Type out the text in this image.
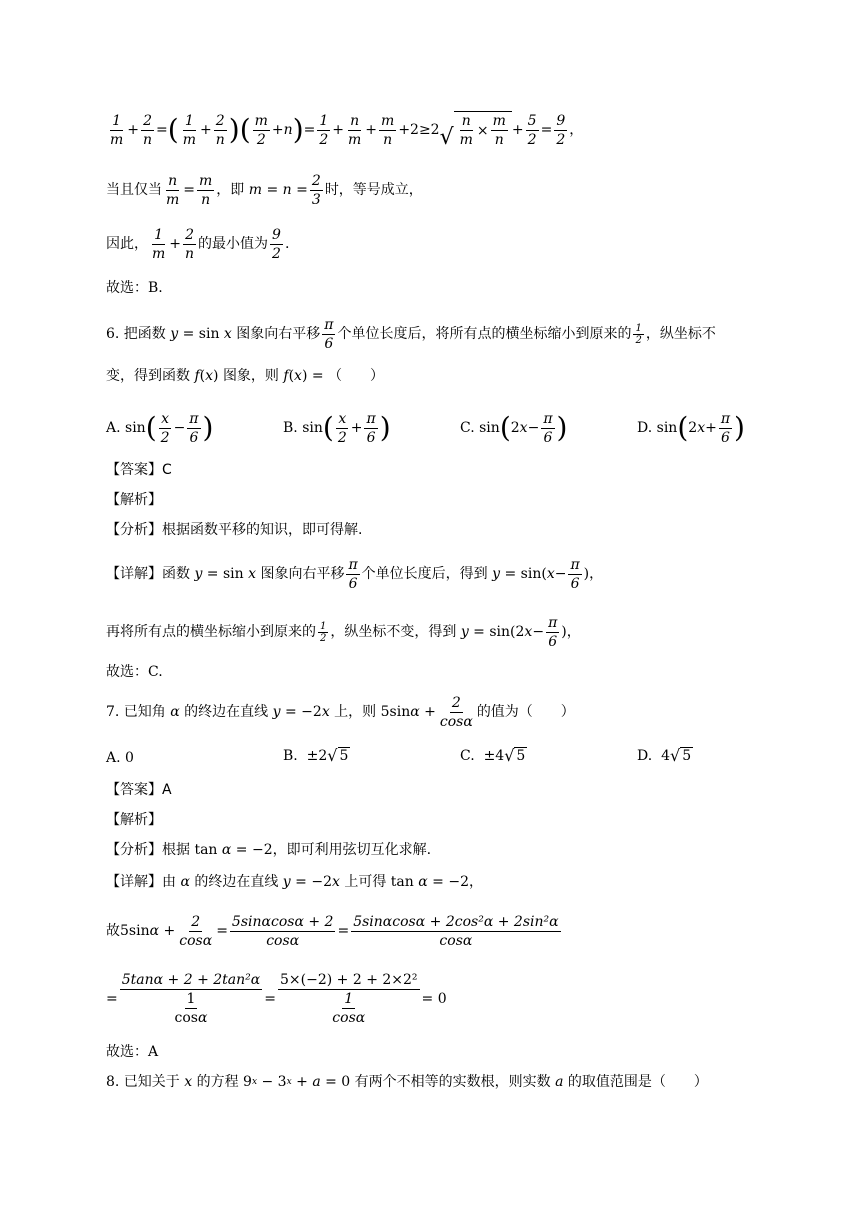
$\frac{1}{m} + \frac{2}{n}$ = ( $\frac{1}{m} + \frac{2}{n}$ ) ( $\frac{m}{2} + n$ ) = $\frac{1}{2} + \frac{n}{m} + \frac{m}{n} +2\ge 2$ √ $\frac{n}{m} \times \frac{m}{n} + \frac{5}{2} = \frac{9}{2}$ ，
当且仅当 $\frac{n}{m} = \frac{m}{n}$ ，即 $m = n = \frac{2}{3}$ 时，等号成立，
因此， $\frac{1}{m} + \frac{2}{n}$ 的最小值为 $\frac{9}{2}$ .
故选：B.
6. 把函数 y = sin x 图象向右平移 $\frac{\pi}{6}$ 个单位长度后，将所有点的横坐标缩小到原来的 $\frac{1}{2}$ ，纵坐标不
变，得到函数 f ( x ) 图象，则 f ( x ) = （　　）
A. sin ( $\frac{x}{2} - \frac{\pi}{6}$ )	B. sin ( $\frac{x}{2} + \frac{\pi}{6}$ )	C. sin ( 2 $x - \frac{\pi}{6}$ )	D. sin ( 2 $x + \frac{\pi}{6}$ )
【答案】C
【解析】
【分析】根据函数平移的知识，即可得解.
【详解】函数 y = sin x 图象向右平移 $\frac{\pi}{6}$ 个单位长度后，得到 y = sin( $x - \frac{\pi}{6}$ ) ，
再将所有点的横坐标缩小到原来的 $\frac{1}{2}$ ，纵坐标不变，得到 y = sin(2 $x - \frac{\pi}{6}$ ) ，
故选：C.
7. 已知角 α 的终边在直线 y = −2 x 上，则 5sin $\alpha + \frac{2}{\cos\alpha}$ 的值为（　　）
A. 0	B. ±2 √ 5	C. ±4 √ 5	D. 4 √ 5
【答案】A
【解析】
【分析】根据 tan α = −2 ，即可利用弦切互化求解.
【详解】由 α 的终边在直线 y = −2 x 上可得 tan α = −2 ，
故 5sin $\alpha + \frac{2}{\cos\alpha} = \frac{5\sin\alpha\cos\alpha + 2}{\cos\alpha} = \frac{\text{5sinαcosα + 2cos²α + 2sin²α}}{\cos\alpha}$
= $\frac{\text{5tanα + 2 + 2tan²α}}{\frac{1}{\cos\alpha}} = \frac{\text{5×(−2) + 2 + 2×2²}}{\frac{1}{\cos\alpha}} = 0$
故选：A
8. 已知关于 x 的方程 9 x − 3 x + a = 0 有两个不相等的实数根，则实数 a 的取值范围是（　　）
